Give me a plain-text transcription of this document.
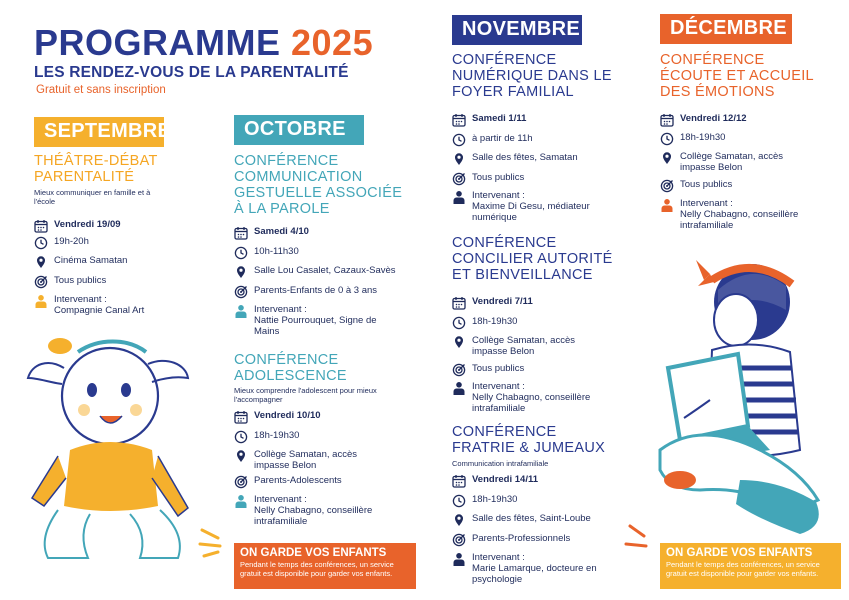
PROGRAMME 2025
LES RENDEZ-VOUS DE LA PARENTALITÉ
Gratuit et sans inscription
SEPTEMBRE
THÉÂTRE-DÉBAT PARENTALITÉ
Mieux communiquer en famille et à l'école
Vendredi 19/09
19h-20h
Cinéma Samatan
Tous publics
Intervenant :
Compagnie Canal Art
OCTOBRE
CONFÉRENCE COMMUNICATION GESTUELLE ASSOCIÉE À LA PAROLE
Samedi 4/10
10h-11h30
Salle Lou Casalet, Cazaux-Savès
Parents-Enfants de 0 à 3 ans
Intervenant :
Nattie Pourrouquet, Signe de Mains
CONFÉRENCE ADOLESCENCE
Mieux comprendre l'adolescent pour mieux l'accompagner
Vendredi 10/10
18h-19h30
Collège Samatan, accès impasse Belon
Parents-Adolescents
Intervenant :
Nelly Chabagno, conseillère intrafamiliale
ON GARDE VOS ENFANTS
Pendant le temps des conférences, un service gratuit est disponible pour garder vos enfants.
NOVEMBRE
CONFÉRENCE NUMÉRIQUE DANS LE FOYER FAMILIAL
Samedi 1/11
à partir de 11h
Salle des fêtes, Samatan
Tous publics
Intervenant :
Maxime Di Gesu, médiateur numérique
CONFÉRENCE CONCILIER AUTORITÉ ET BIENVEILLANCE
Vendredi 7/11
18h-19h30
Collège Samatan, accès impasse Belon
Tous publics
Intervenant :
Nelly Chabagno, conseillère intrafamiliale
CONFÉRENCE FRATRIE & JUMEAUX
Communication intrafamiliale
Vendredi 14/11
18h-19h30
Salle des fêtes, Saint-Loube
Parents-Professionnels
Intervenant :
Marie Lamarque, docteure en psychologie
DÉCEMBRE
CONFÉRENCE ÉCOUTE ET ACCUEIL DES ÉMOTIONS
Vendredi 12/12
18h-19h30
Collège Samatan, accès impasse Belon
Tous publics
Intervenant :
Nelly Chabagno, conseillère intrafamiliale
ON GARDE VOS ENFANTS
Pendant le temps des conférences, un service gratuit est disponible pour garder vos enfants.
